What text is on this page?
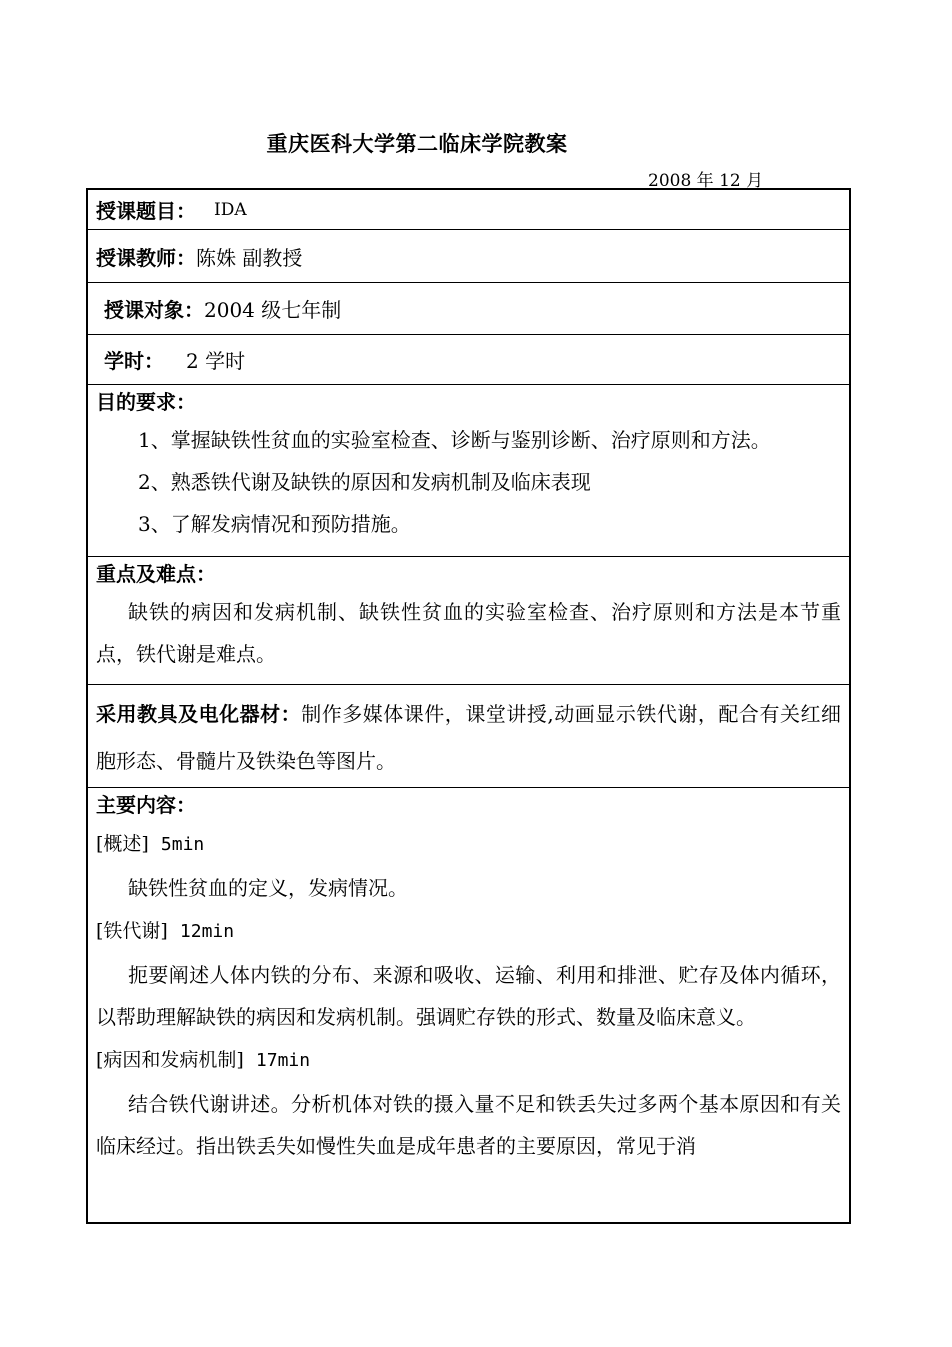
重庆医科大学第二临床学院教案
2008 年 12 月
授课题目： IDA
授课教师： 陈姝 副教授
授课对象： 2004 级七年制
学时： 2 学时
目的要求：
1、掌握缺铁性贫血的实验室检查、诊断与鉴别诊断、治疗原则和方法。
2、熟悉铁代谢及缺铁的原因和发病机制及临床表现
3、了解发病情况和预防措施。
重点及难点：
缺铁的病因和发病机制、缺铁性贫血的实验室检查、治疗原则和方法是本节重点，铁代谢是难点。
采用教具及电化器材：制作多媒体课件，课堂讲授,动画显示铁代谢，配合有关红细胞形态、骨髓片及铁染色等图片。
主要内容：
[概述] 5min
缺铁性贫血的定义，发病情况。
[铁代谢] 12min
扼要阐述人体内铁的分布、来源和吸收、运输、利用和排泄、贮存及体内循环，以帮助理解缺铁的病因和发病机制。强调贮存铁的形式、数量及临床意义。
[病因和发病机制] 17min
结合铁代谢讲述。分析机体对铁的摄入量不足和铁丢失过多两个基本原因和有关临床经过。指出铁丢失如慢性失血是成年患者的主要原因，常见于消
